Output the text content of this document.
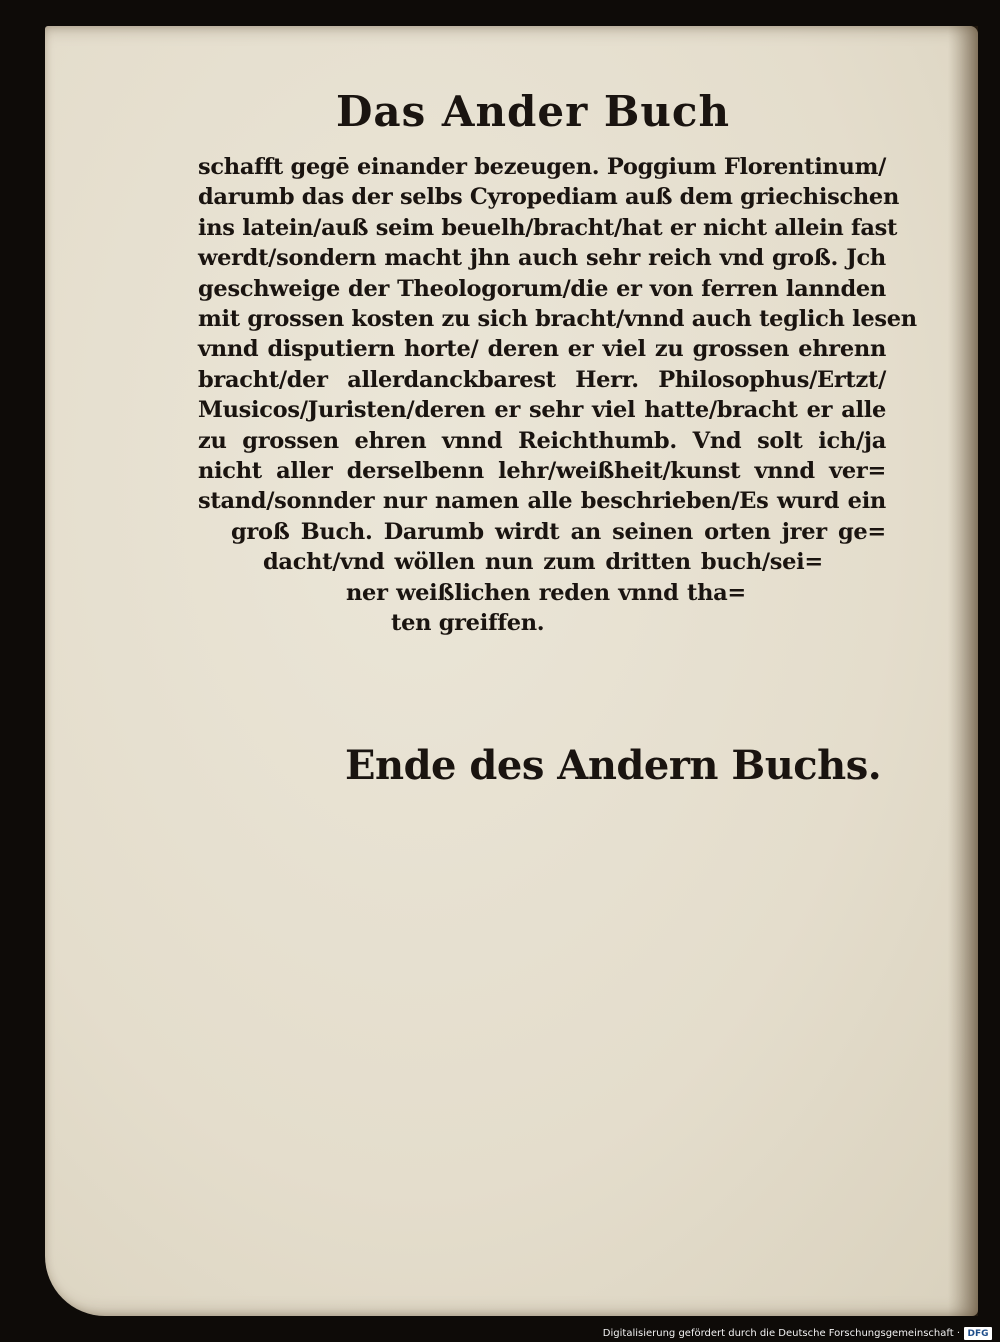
Das Ander Buch
schafft gegē einander bezeugen. Poggium Florentinum/
darumb das der selbs Cyropediam auß dem griechischen
ins latein/auß seim beuelh/bracht/hat er nicht allein fast
werdt/sondern macht jhn auch sehr reich vnd groß. Jch
geschweige der Theologorum/die er von ferren lannden
mit grossen kosten zu sich bracht/vnnd auch teglich lesen
vnnd disputiern horte/ deren er viel zu grossen ehrenn
bracht/der allerdanckbarest Herr. Philosophus/Ertzt/
Musicos/Juristen/deren er sehr viel hatte/bracht er alle
zu grossen ehren vnnd Reichthumb. Vnd solt ich/ja
nicht aller derselbenn lehr/weißheit/kunst vnnd ver=
stand/sonnder nur namen alle beschrieben/Es wurd ein
groß Buch. Darumb wirdt an seinen orten jrer ge=
dacht/vnd wöllen nun zum dritten buch/sei=
ner weißlichen reden vnnd tha=
ten greiffen.
Ende des Andern Buchs.
Digitalisierung gefördert durch die Deutsche Forschungsgemeinschaft · DFG
